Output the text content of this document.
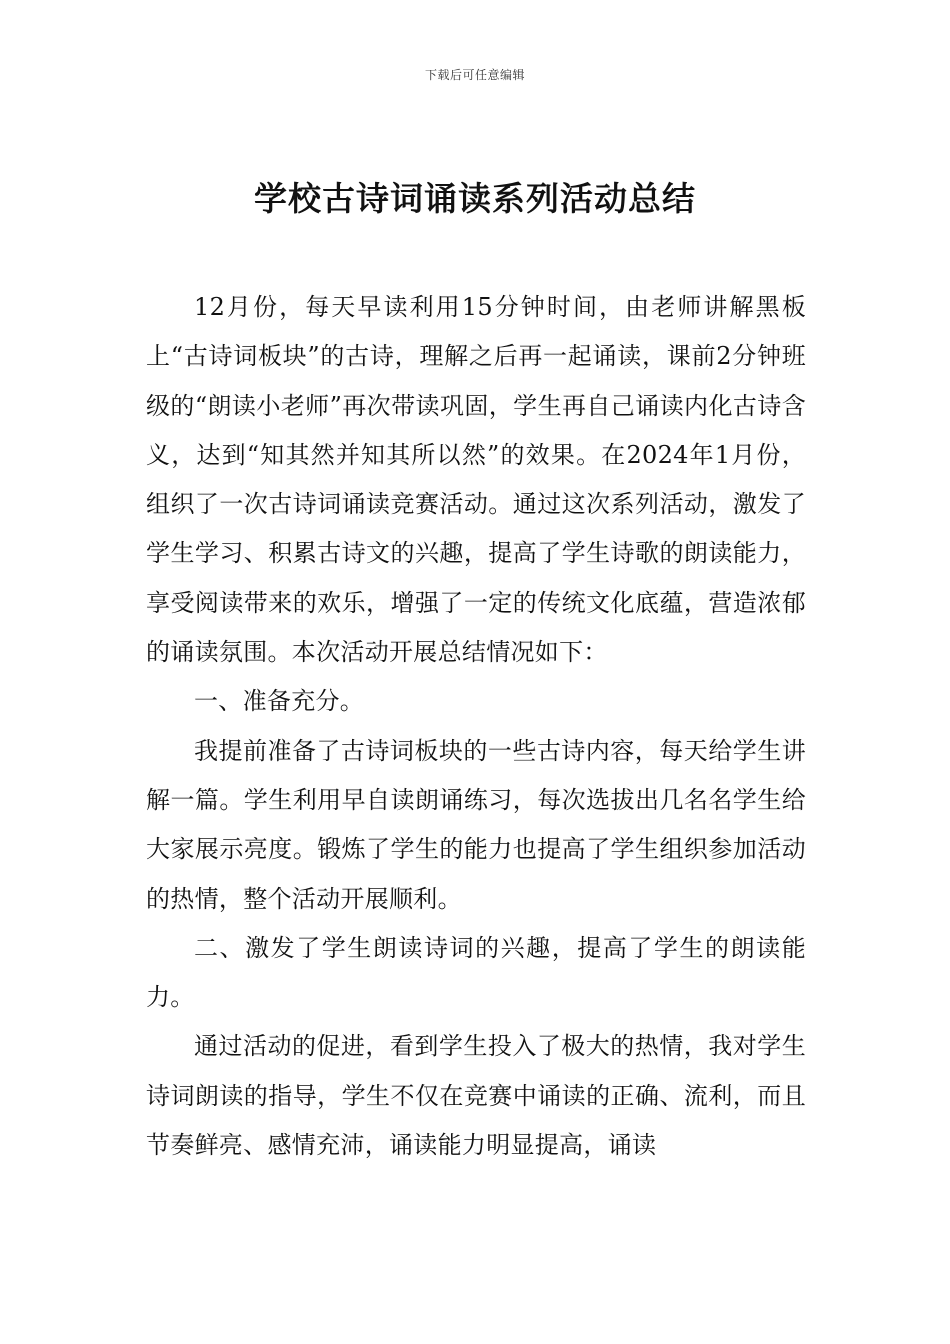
下载后可任意编辑
学校古诗词诵读系列活动总结

12月份，每天早读利用15分钟时间，由老师讲解黑板上“古诗词板块”的古诗，理解之后再一起诵读，课前2分钟班级的“朗读小老师”再次带读巩固，学生再自己诵读内化古诗含义，达到“知其然并知其所以然”的效果。在2024年1月份，组织了一次古诗词诵读竞赛活动。通过这次系列活动，激发了学生学习、积累古诗文的兴趣，提高了学生诗歌的朗读能力，享受阅读带来的欢乐，增强了一定的传统文化底蕴，营造浓郁的诵读氛围。本次活动开展总结情况如下：

一、准备充分。

我提前准备了古诗词板块的一些古诗内容，每天给学生讲解一篇。学生利用早自读朗诵练习，每次选拔出几名名学生给大家展示亮度。锻炼了学生的能力也提高了学生组织参加活动的热情，整个活动开展顺利。

二、激发了学生朗读诗词的兴趣，提高了学生的朗读能力。

通过活动的促进，看到学生投入了极大的热情，我对学生诗词朗读的指导，学生不仅在竞赛中诵读的正确、流利，而且节奏鲜亮、感情充沛，诵读能力明显提高，诵读
